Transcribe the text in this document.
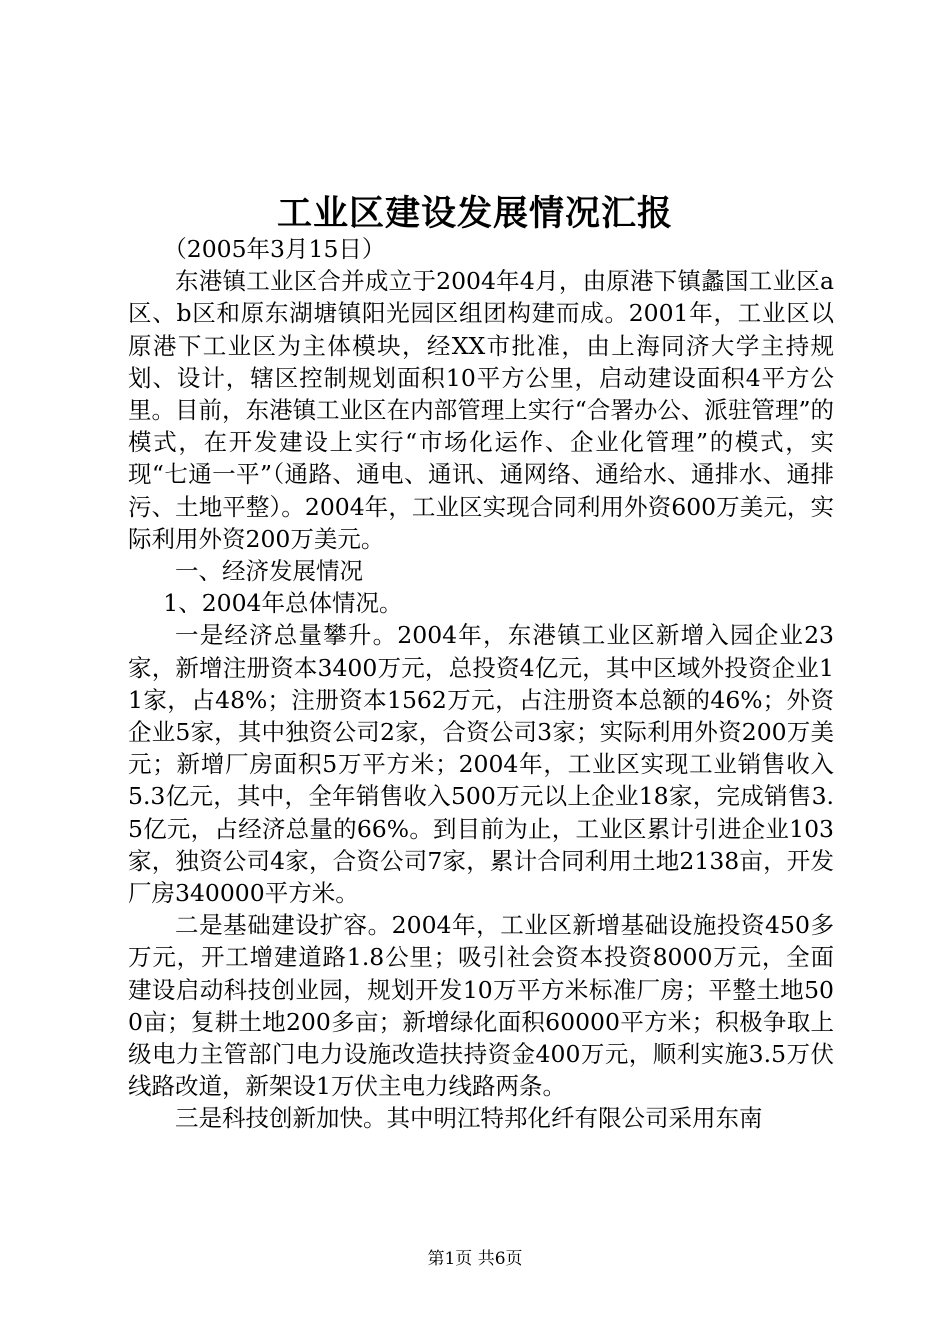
工业区建设发展情况汇报

（2005年3月15日）

东港镇工业区合并成立于2004年4月，由原港下镇蠡国工业区a区、b区和原东湖塘镇阳光园区组团构建而成。2001年，工业区以原港下工业区为主体模块，经XX市批准，由上海同济大学主持规划、设计，辖区控制规划面积10平方公里，启动建设面积4平方公里。目前，东港镇工业区在内部管理上实行“合署办公、派驻管理”的模式，在开发建设上实行“市场化运作、企业化管理”的模式，实现“七通一平”（通路、通电、通讯、通网络、通给水、通排水、通排污、土地平整）。2004年，工业区实现合同利用外资600万美元，实际利用外资200万美元。

一、经济发展情况

1、2004年总体情况。

一是经济总量攀升。2004年，东港镇工业区新增入园企业23家，新增注册资本3400万元，总投资4亿元，其中区域外投资企业11家，占48%；注册资本1562万元，占注册资本总额的46%；外资企业5家，其中独资公司2家，合资公司3家；实际利用外资200万美元；新增厂房面积5万平方米；2004年，工业区实现工业销售收入5.3亿元，其中，全年销售收入500万元以上企业18家，完成销售3.5亿元，占经济总量的66%。到目前为止，工业区累计引进企业103家，独资公司4家，合资公司7家，累计合同利用土地2138亩，开发厂房340000平方米。

二是基础建设扩容。2004年，工业区新增基础设施投资450多万元，开工增建道路1.8公里；吸引社会资本投资8000万元，全面建设启动科技创业园，规划开发10万平方米标准厂房；平整土地500亩；复耕土地200多亩；新增绿化面积60000平方米；积极争取上级电力主管部门电力设施改造扶持资金400万元，顺利实施3.5万伏线路改道，新架设1万伏主电力线路两条。

三是科技创新加快。其中明江特邦化纤有限公司采用东南

第1页 共6页
